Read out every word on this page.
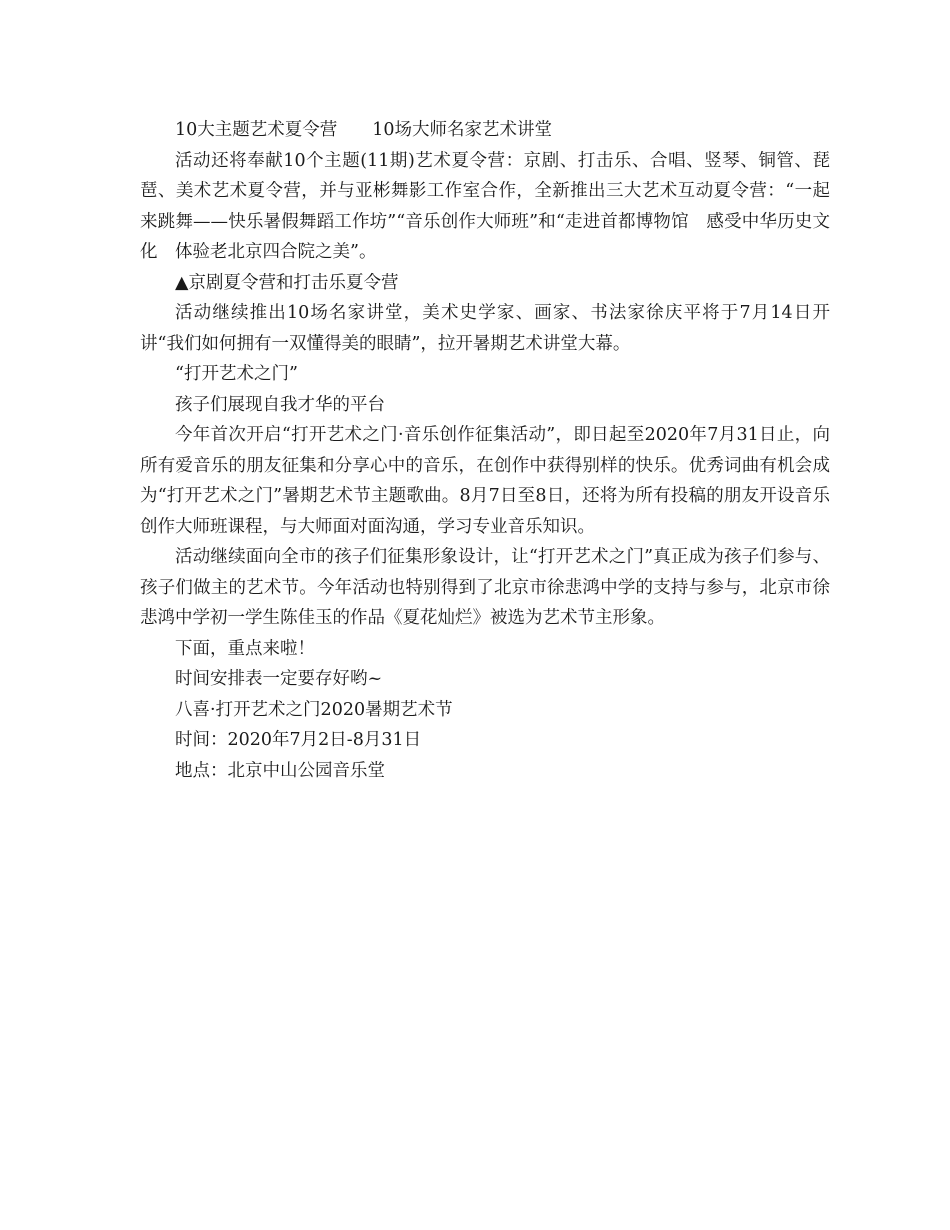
10大主题艺术夏令营　　10场大师名家艺术讲堂

活动还将奉献10个主题(11期)艺术夏令营：京剧、打击乐、合唱、竖琴、铜管、琵琶、美术艺术夏令营，并与亚彬舞影工作室合作，全新推出三大艺术互动夏令营：“一起来跳舞——快乐暑假舞蹈工作坊”“音乐创作大师班”和“走进首都博物馆　感受中华历史文化　体验老北京四合院之美”。

▲京剧夏令营和打击乐夏令营

活动继续推出10场名家讲堂，美术史学家、画家、书法家徐庆平将于7月14日开讲“我们如何拥有一双懂得美的眼睛”，拉开暑期艺术讲堂大幕。

“打开艺术之门”

孩子们展现自我才华的平台

今年首次开启“打开艺术之门·音乐创作征集活动”，即日起至2020年7月31日止，向所有爱音乐的朋友征集和分享心中的音乐，在创作中获得别样的快乐。优秀词曲有机会成为“打开艺术之门”暑期艺术节主题歌曲。8月7日至8日，还将为所有投稿的朋友开设音乐创作大师班课程，与大师面对面沟通，学习专业音乐知识。

活动继续面向全市的孩子们征集形象设计，让“打开艺术之门”真正成为孩子们参与、孩子们做主的艺术节。今年活动也特别得到了北京市徐悲鸿中学的支持与参与，北京市徐悲鸿中学初一学生陈佳玉的作品《夏花灿烂》被选为艺术节主形象。

下面，重点来啦！

时间安排表一定要存好哟~

八喜·打开艺术之门2020暑期艺术节

时间：2020年7月2日-8月31日

地点：北京中山公园音乐堂
